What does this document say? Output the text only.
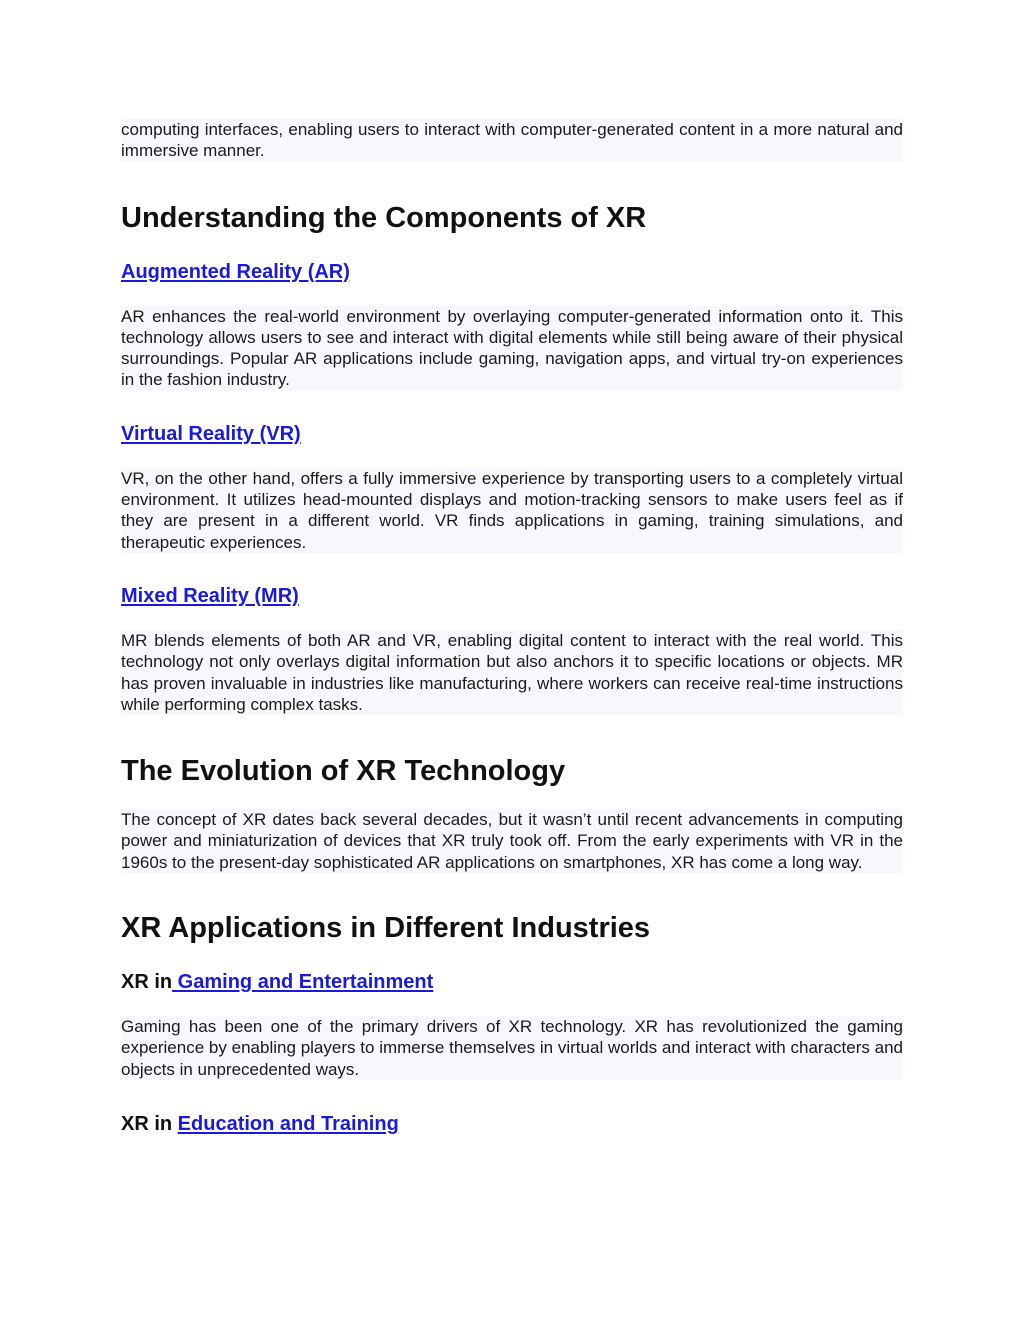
computing interfaces, enabling users to interact with computer-generated content in a more natural and immersive manner.

Understanding the Components of XR
Augmented Reality (AR)

AR enhances the real-world environment by overlaying computer-generated information onto it. This technology allows users to see and interact with digital elements while still being aware of their physical surroundings. Popular AR applications include gaming, navigation apps, and virtual try-on experiences in the fashion industry.

Virtual Reality (VR)

VR, on the other hand, offers a fully immersive experience by transporting users to a completely virtual environment. It utilizes head-mounted displays and motion-tracking sensors to make users feel as if they are present in a different world. VR finds applications in gaming, training simulations, and therapeutic experiences.

Mixed Reality (MR)

MR blends elements of both AR and VR, enabling digital content to interact with the real world. This technology not only overlays digital information but also anchors it to specific locations or objects. MR has proven invaluable in industries like manufacturing, where workers can receive real-time instructions while performing complex tasks.

The Evolution of XR Technology

The concept of XR dates back several decades, but it wasn’t until recent advancements in computing power and miniaturization of devices that XR truly took off. From the early experiments with VR in the 1960s to the present-day sophisticated AR applications on smartphones, XR has come a long way.

XR Applications in Different Industries
XR in Gaming and Entertainment

Gaming has been one of the primary drivers of XR technology. XR has revolutionized the gaming experience by enabling players to immerse themselves in virtual worlds and interact with characters and objects in unprecedented ways.

XR in Education and Training
